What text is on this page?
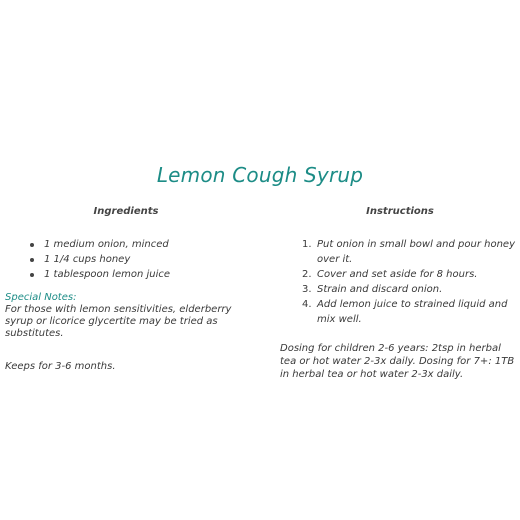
Lemon Cough Syrup

Ingredients

1 medium onion, minced
1 1/4 cups honey
1 tablespoon lemon juice
Special Notes:
For those with lemon sensitivities, elderberry syrup or licorice glycertite may be tried as substitutes.
Keeps for 3-6 months.

Instructions

1. Put onion in small bowl and pour honey over it.
2. Cover and set aside for 8 hours.
3. Strain and discard onion.
4. Add lemon juice to strained liquid and mix well.
Dosing for children 2-6 years: 2tsp in herbal tea or hot water 2-3x daily. Dosing for 7+: 1TB in herbal tea or hot water 2-3x daily.
